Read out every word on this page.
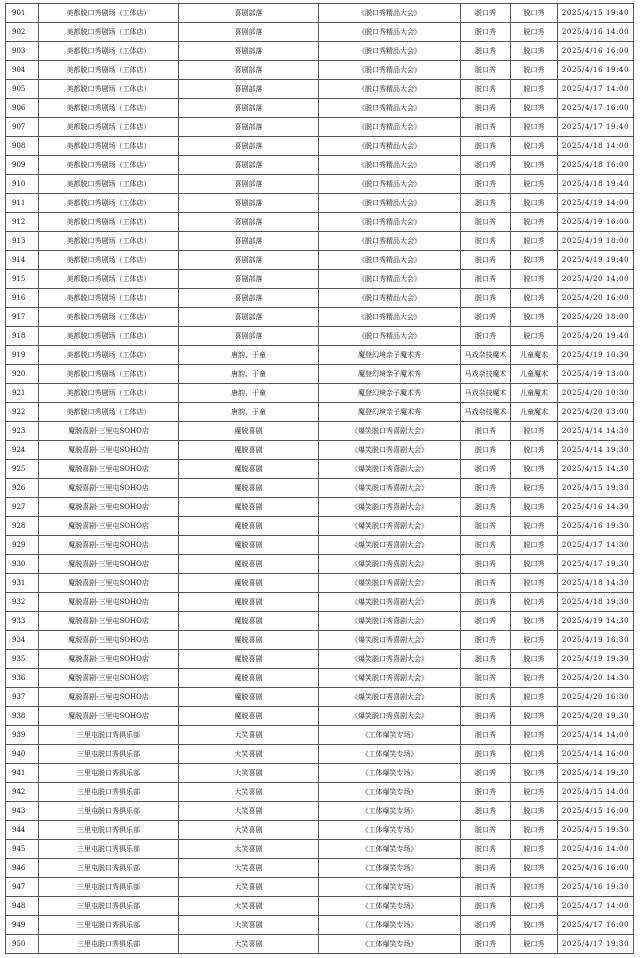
901	美都脱口秀剧场（工体店）	喜剧部落	《脱口秀精品大会》	脱口秀	脱口秀	2025/4/15 19:40
902	美都脱口秀剧场（工体店）	喜剧部落	《脱口秀精品大会》	脱口秀	脱口秀	2025/4/16 14:00
903	美都脱口秀剧场（工体店）	喜剧部落	《脱口秀精品大会》	脱口秀	脱口秀	2025/4/16 16:00
904	美都脱口秀剧场（工体店）	喜剧部落	《脱口秀精品大会》	脱口秀	脱口秀	2025/4/16 19:40
905	美都脱口秀剧场（工体店）	喜剧部落	《脱口秀精品大会》	脱口秀	脱口秀	2025/4/17 14:00
906	美都脱口秀剧场（工体店）	喜剧部落	《脱口秀精品大会》	脱口秀	脱口秀	2025/4/17 16:00
907	美都脱口秀剧场（工体店）	喜剧部落	《脱口秀精品大会》	脱口秀	脱口秀	2025/4/17 19:40
908	美都脱口秀剧场（工体店）	喜剧部落	《脱口秀精品大会》	脱口秀	脱口秀	2025/4/18 14:00
909	美都脱口秀剧场（工体店）	喜剧部落	《脱口秀精品大会》	脱口秀	脱口秀	2025/4/18 16:00
910	美都脱口秀剧场（工体店）	喜剧部落	《脱口秀精品大会》	脱口秀	脱口秀	2025/4/18 19:40
911	美都脱口秀剧场（工体店）	喜剧部落	《脱口秀精品大会》	脱口秀	脱口秀	2025/4/19 14:00
912	美都脱口秀剧场（工体店）	喜剧部落	《脱口秀精品大会》	脱口秀	脱口秀	2025/4/19 16:00
913	美都脱口秀剧场（工体店）	喜剧部落	《脱口秀精品大会》	脱口秀	脱口秀	2025/4/19 18:00
914	美都脱口秀剧场（工体店）	喜剧部落	《脱口秀精品大会》	脱口秀	脱口秀	2025/4/19 19:40
915	美都脱口秀剧场（工体店）	喜剧部落	《脱口秀精品大会》	脱口秀	脱口秀	2025/4/20 14:00
916	美都脱口秀剧场（工体店）	喜剧部落	《脱口秀精品大会》	脱口秀	脱口秀	2025/4/20 16:00
917	美都脱口秀剧场（工体店）	喜剧部落	《脱口秀精品大会》	脱口秀	脱口秀	2025/4/20 18:00
918	美都脱口秀剧场（工体店）	喜剧部落	《脱口秀精品大会》	脱口秀	脱口秀	2025/4/20 19:40
919	美都脱口秀剧场（工体店）	唐韵、于童	魔登幻境亲子魔术秀	马戏杂技魔术	儿童魔术	2025/4/19 10:30
920	美都脱口秀剧场（工体店）	唐韵、于童	魔登幻境亲子魔术秀	马戏杂技魔术	儿童魔术	2025/4/19 13:00
921	美都脱口秀剧场（工体店）	唐韵、于童	魔登幻境亲子魔术秀	马戏杂技魔术	儿童魔术	2025/4/20 10:30
922	美都脱口秀剧场（工体店）	唐韵、于童	魔登幻境亲子魔术秀	马戏杂技魔术	儿童魔术	2025/4/20 13:00
923	魔脱喜剧-三里屯SOHO店	魔脱喜剧	《爆笑脱口秀喜剧大会》	脱口秀	脱口秀	2025/4/14 14:30
924	魔脱喜剧-三里屯SOHO店	魔脱喜剧	《爆笑脱口秀喜剧大会》	脱口秀	脱口秀	2025/4/14 19:30
925	魔脱喜剧-三里屯SOHO店	魔脱喜剧	《爆笑脱口秀喜剧大会》	脱口秀	脱口秀	2025/4/15 14:30
926	魔脱喜剧-三里屯SOHO店	魔脱喜剧	《爆笑脱口秀喜剧大会》	脱口秀	脱口秀	2025/4/15 19:30
927	魔脱喜剧-三里屯SOHO店	魔脱喜剧	《爆笑脱口秀喜剧大会》	脱口秀	脱口秀	2025/4/16 14:30
928	魔脱喜剧-三里屯SOHO店	魔脱喜剧	《爆笑脱口秀喜剧大会》	脱口秀	脱口秀	2025/4/16 19:30
929	魔脱喜剧-三里屯SOHO店	魔脱喜剧	《爆笑脱口秀喜剧大会》	脱口秀	脱口秀	2025/4/17 14:30
930	魔脱喜剧-三里屯SOHO店	魔脱喜剧	《爆笑脱口秀喜剧大会》	脱口秀	脱口秀	2025/4/17 19:30
931	魔脱喜剧-三里屯SOHO店	魔脱喜剧	《爆笑脱口秀喜剧大会》	脱口秀	脱口秀	2025/4/18 14:30
932	魔脱喜剧-三里屯SOHO店	魔脱喜剧	《爆笑脱口秀喜剧大会》	脱口秀	脱口秀	2025/4/18 19:30
933	魔脱喜剧-三里屯SOHO店	魔脱喜剧	《爆笑脱口秀喜剧大会》	脱口秀	脱口秀	2025/4/19 14:30
934	魔脱喜剧-三里屯SOHO店	魔脱喜剧	《爆笑脱口秀喜剧大会》	脱口秀	脱口秀	2025/4/19 16:30
935	魔脱喜剧-三里屯SOHO店	魔脱喜剧	《爆笑脱口秀喜剧大会》	脱口秀	脱口秀	2025/4/19 19:30
936	魔脱喜剧-三里屯SOHO店	魔脱喜剧	《爆笑脱口秀喜剧大会》	脱口秀	脱口秀	2025/4/20 14:30
937	魔脱喜剧-三里屯SOHO店	魔脱喜剧	《爆笑脱口秀喜剧大会》	脱口秀	脱口秀	2025/4/20 16:30
938	魔脱喜剧-三里屯SOHO店	魔脱喜剧	《爆笑脱口秀喜剧大会》	脱口秀	脱口秀	2025/4/20 19:30
939	三里屯脱口秀俱乐部	大笑喜剧	《工体爆笑专场》	脱口秀	脱口秀	2025/4/14 14:00
940	三里屯脱口秀俱乐部	大笑喜剧	《工体爆笑专场》	脱口秀	脱口秀	2025/4/14 16:00
941	三里屯脱口秀俱乐部	大笑喜剧	《工体爆笑专场》	脱口秀	脱口秀	2025/4/14 19:30
942	三里屯脱口秀俱乐部	大笑喜剧	《工体爆笑专场》	脱口秀	脱口秀	2025/4/15 14:00
943	三里屯脱口秀俱乐部	大笑喜剧	《工体爆笑专场》	脱口秀	脱口秀	2025/4/15 16:00
944	三里屯脱口秀俱乐部	大笑喜剧	《工体爆笑专场》	脱口秀	脱口秀	2025/4/15 19:30
945	三里屯脱口秀俱乐部	大笑喜剧	《工体爆笑专场》	脱口秀	脱口秀	2025/4/16 14:00
946	三里屯脱口秀俱乐部	大笑喜剧	《工体爆笑专场》	脱口秀	脱口秀	2025/4/16 16:00
947	三里屯脱口秀俱乐部	大笑喜剧	《工体爆笑专场》	脱口秀	脱口秀	2025/4/16 19:30
948	三里屯脱口秀俱乐部	大笑喜剧	《工体爆笑专场》	脱口秀	脱口秀	2025/4/17 14:00
949	三里屯脱口秀俱乐部	大笑喜剧	《工体爆笑专场》	脱口秀	脱口秀	2025/4/17 16:00
950	三里屯脱口秀俱乐部	大笑喜剧	《工体爆笑专场》	脱口秀	脱口秀	2025/4/17 19:30
